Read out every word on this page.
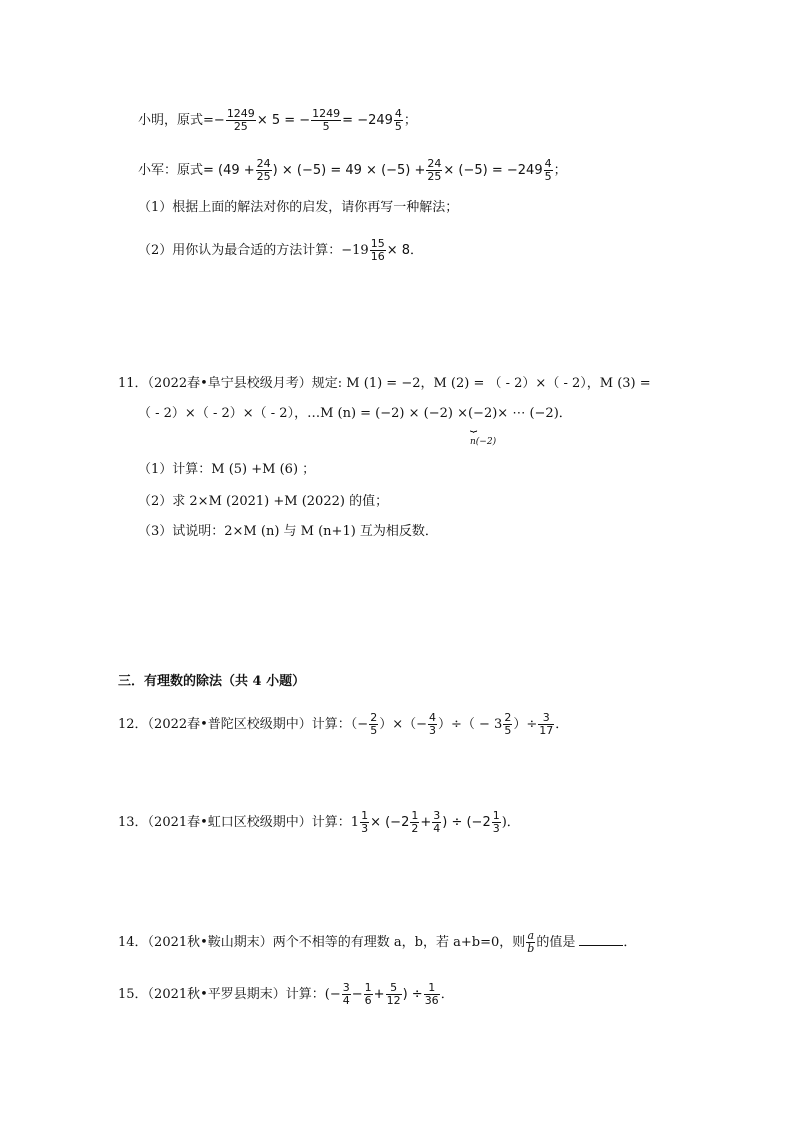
小明，原式=− $\frac{1249}{25} \times 5$ = − $\frac{1249}{5} = -249 \frac{4}{5}$ ；
小军：原式= ($49 + \frac{24}{25}$ ) × $(-5) = 49 \times (-5) + \frac{24}{25} \times (-5) = -249 \frac{4}{5}$ ；
（1）根据上面的解法对你的启发，请你再写一种解法；
（2）用你认为最合适的方法计算：$-19 \frac{15}{16} \times 8$．
11．（2022春•阜宁县校级月考）规定: M (1) = −2，M (2) = （ - 2）×（ - 2），M (3) =
（ - 2）×（ - 2）×（ - 2），…M (n) = (−2) × (−2) ×(−2)
⏟
× ⋯ (−2)．
n(−2)
（1）计算：M (5) +M (6) ；
（2）求 2×M (2021) +M (2022) 的值；
（3）试说明：2×M (n) 与 M (n+1) 互为相反数．
三．有理数的除法（共 4 小题）
12．（2022春•普陀区校级期中）计算：（− $\frac{2}{5}$ ）×（− $\frac{4}{3}$ ）÷（ − $3 \frac{2}{5}$ ）÷ $\frac{3}{17}$ ．
13．（2021春•虹口区校级期中）计算：$1 \frac{1}{3} \times (-2 \frac{1}{2} + \frac{3}{4}$ ) ÷ ($-2 \frac{1}{3}$ )．
14．（2021秋•鞍山期末）两个不相等的有理数 a，b，若 a+b=0，则 $\frac{a}{b}$ 的值是	．
15．（2021秋•平罗县期末）计算：(− $\frac{3}{4} - \frac{1}{6} + \frac{5}{12}$ ) ÷ $\frac{1}{36}$ ．
